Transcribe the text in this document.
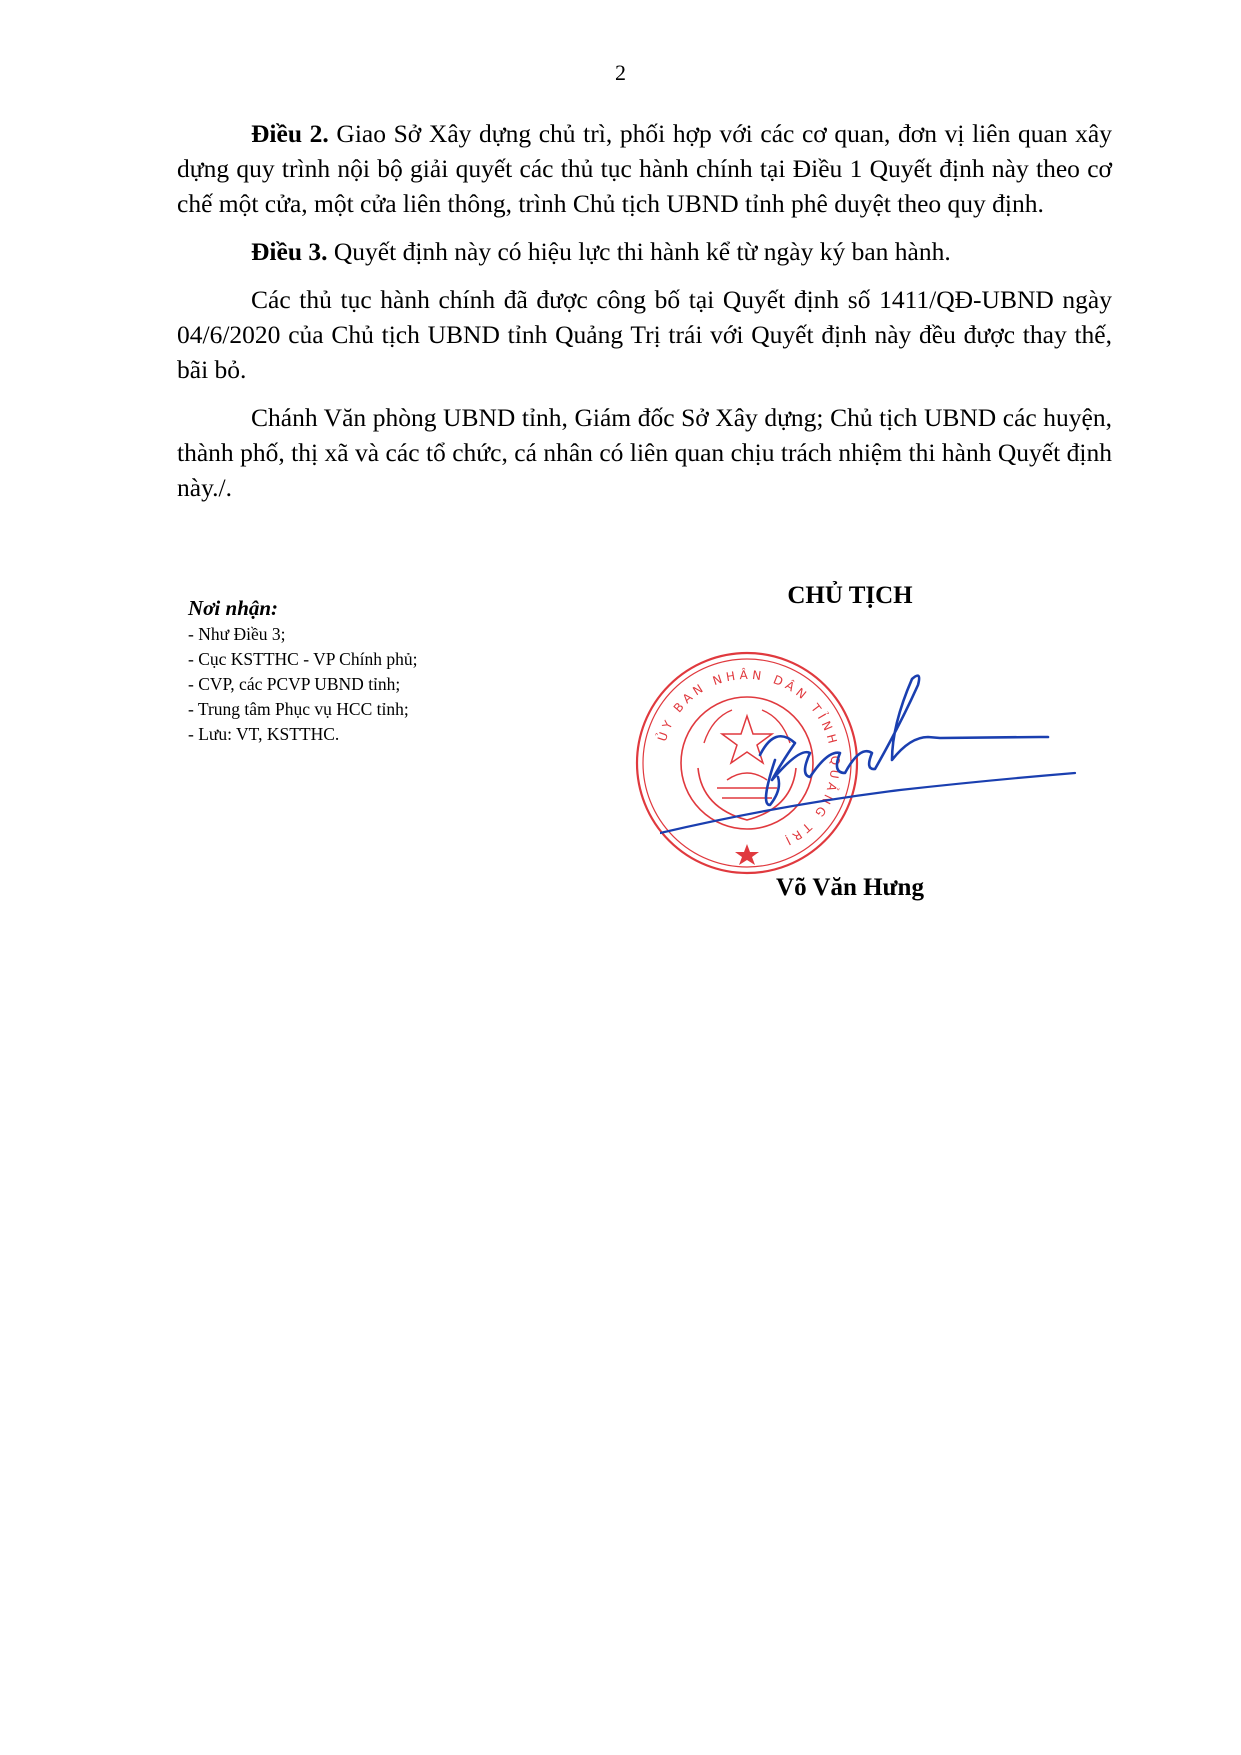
2

Điều 2. Giao Sở Xây dựng chủ trì, phối hợp với các cơ quan, đơn vị liên quan xây dựng quy trình nội bộ giải quyết các thủ tục hành chính tại Điều 1 Quyết định này theo cơ chế một cửa, một cửa liên thông, trình Chủ tịch UBND tỉnh phê duyệt theo quy định.

Điều 3. Quyết định này có hiệu lực thi hành kể từ ngày ký ban hành.

Các thủ tục hành chính đã được công bố tại Quyết định số 1411/QĐ-UBND ngày 04/6/2020 của Chủ tịch UBND tỉnh Quảng Trị trái với Quyết định này đều được thay thế, bãi bỏ.

Chánh Văn phòng UBND tỉnh, Giám đốc Sở Xây dựng; Chủ tịch UBND các huyện, thành phố, thị xã và các tổ chức, cá nhân có liên quan chịu trách nhiệm thi hành Quyết định này./.

Nơi nhận:
- Như Điều 3;
- Cục KSTTHC - VP Chính phủ;
- CVP, các PCVP UBND tỉnh;
- Trung tâm Phục vụ HCC tỉnh;
- Lưu: VT, KSTTHC.
CHỦ TỊCH
ỦY BAN NHÂN DÂN TỈNH QUẢNG TRỊ
Võ Văn Hưng
